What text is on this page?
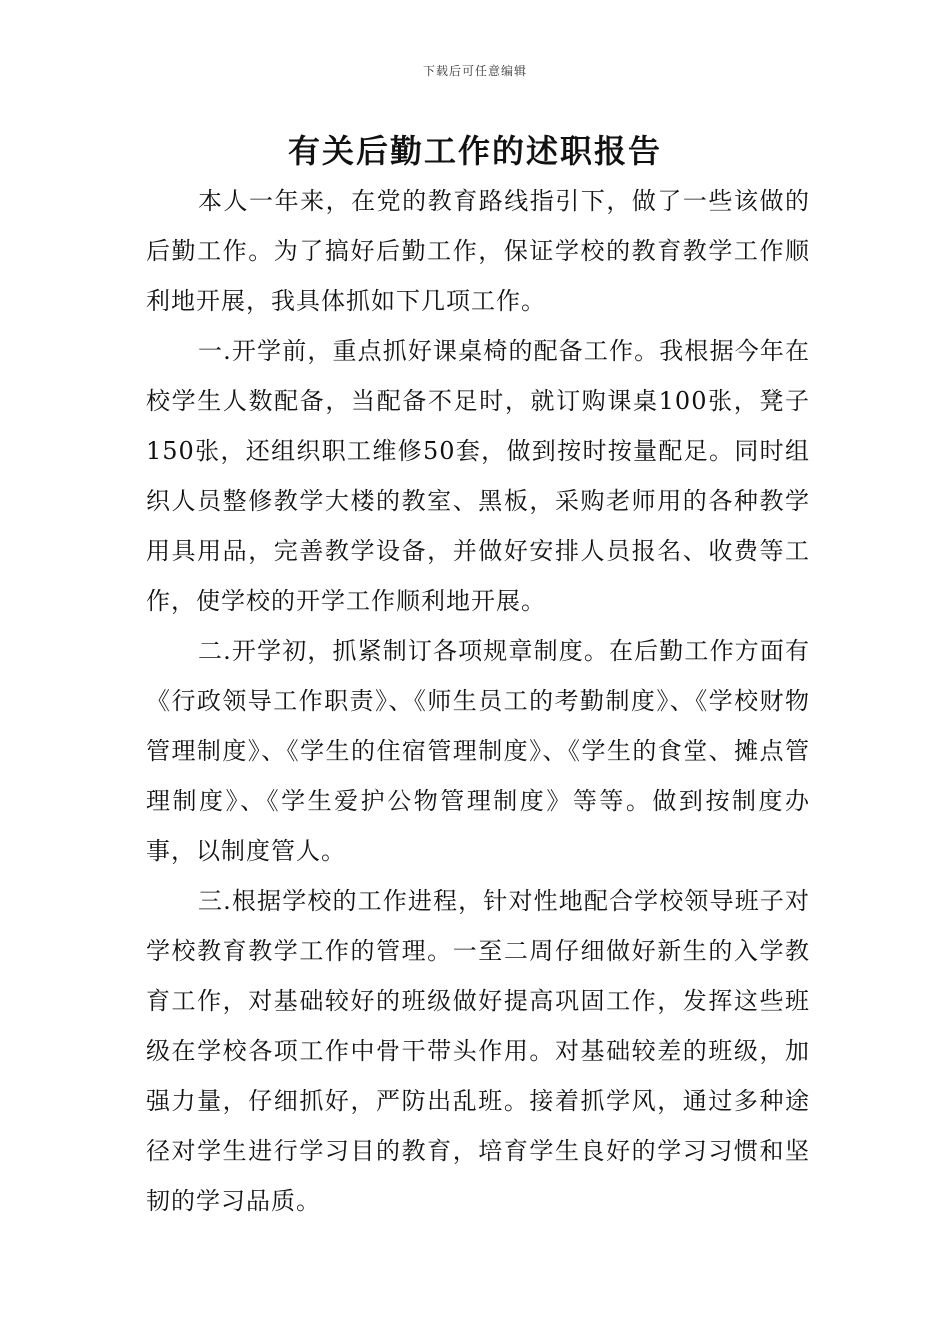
下载后可任意编辑
有关后勤工作的述职报告

本人一年来，在党的教育路线指引下，做了一些该做的后勤工作。为了搞好后勤工作，保证学校的教育教学工作顺利地开展，我具体抓如下几项工作。

一.开学前，重点抓好课桌椅的配备工作。我根据今年在校学生人数配备，当配备不足时，就订购课桌100张，凳子150张，还组织职工维修50套，做到按时按量配足。同时组织人员整修教学大楼的教室、黑板，采购老师用的各种教学用具用品，完善教学设备，并做好安排人员报名、收费等工作，使学校的开学工作顺利地开展。

二.开学初，抓紧制订各项规章制度。在后勤工作方面有《行政领导工作职责》、《师生员工的考勤制度》、《学校财物管理制度》、《学生的住宿管理制度》、《学生的食堂、摊点管理制度》、《学生爱护公物管理制度》等等。做到按制度办事，以制度管人。

三.根据学校的工作进程，针对性地配合学校领导班子对学校教育教学工作的管理。一至二周仔细做好新生的入学教育工作，对基础较好的班级做好提高巩固工作，发挥这些班级在学校各项工作中骨干带头作用。对基础较差的班级，加强力量，仔细抓好，严防出乱班。接着抓学风，通过多种途径对学生进行学习目的教育，培育学生良好的学习习惯和坚韧的学习品质。
